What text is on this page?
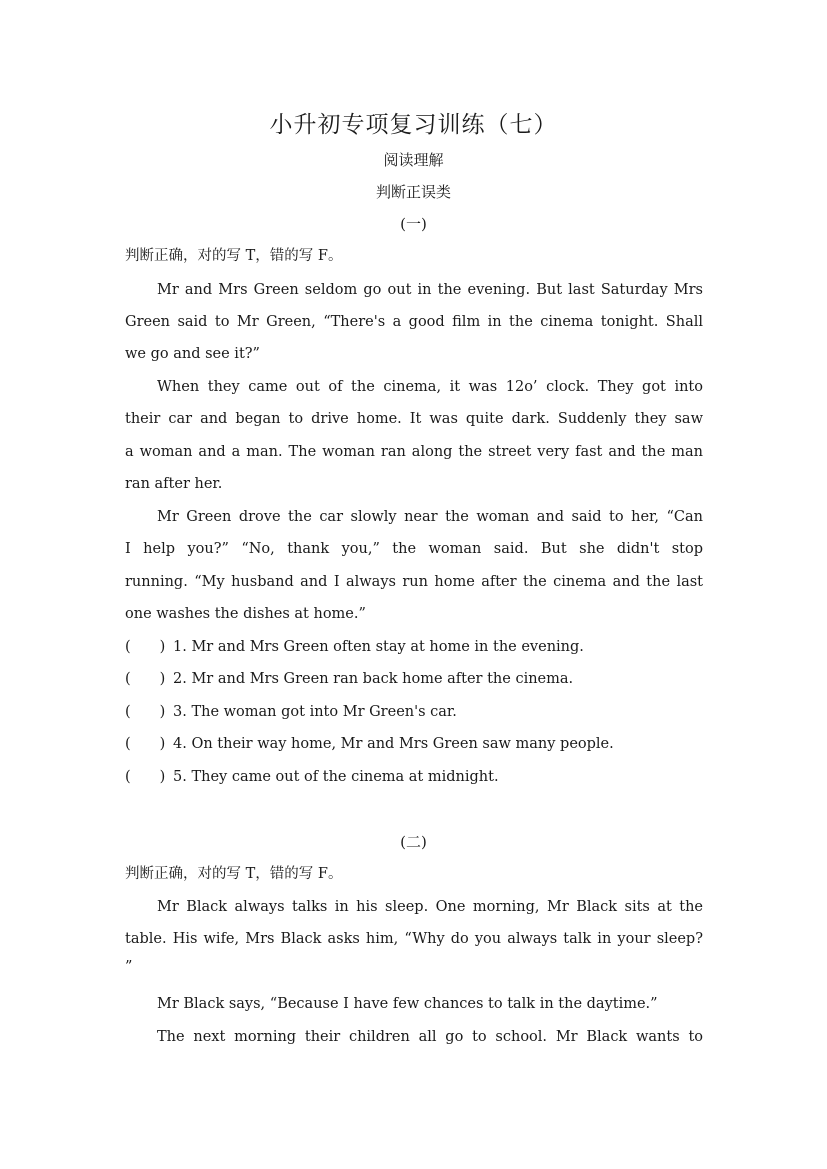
小升初专项复习训练（七）
阅读理解
判断正误类
(一)
判断正确，对的写 T，错的写 F。
Mr and Mrs Green seldom go out in the evening. But last Saturday Mrs
Green said to Mr Green, “There's a good film in the cinema tonight. Shall
we go and see it?”
When they came out of the cinema, it was 12o’ clock. They got into
their car and began to drive home. It was quite dark. Suddenly they saw
a woman and a man. The woman ran along the street very fast and the man
ran after her.
Mr Green drove the car slowly near the woman and said to her, “Can
I help you?” “No, thank you,” the woman said. But she didn't stop
running. “My husband and I always run home after the cinema and the last
one washes the dishes at home.”
(　　) 1. Mr and Mrs Green often stay at home in the evening.
(　　) 2. Mr and Mrs Green ran back home after the cinema.
(　　) 3. The woman got into Mr Green's car.
(　　) 4. On their way home, Mr and Mrs Green saw many people.
(　　) 5. They came out of the cinema at midnight.
(二)
判断正确，对的写 T，错的写 F。
Mr Black always talks in his sleep. One morning, Mr Black sits at the
table. His wife, Mrs Black asks him, “Why do you always talk in your sleep?
”
Mr Black says, “Because I have few chances to talk in the daytime.”
The next morning their children all go to school. Mr Black wants to
